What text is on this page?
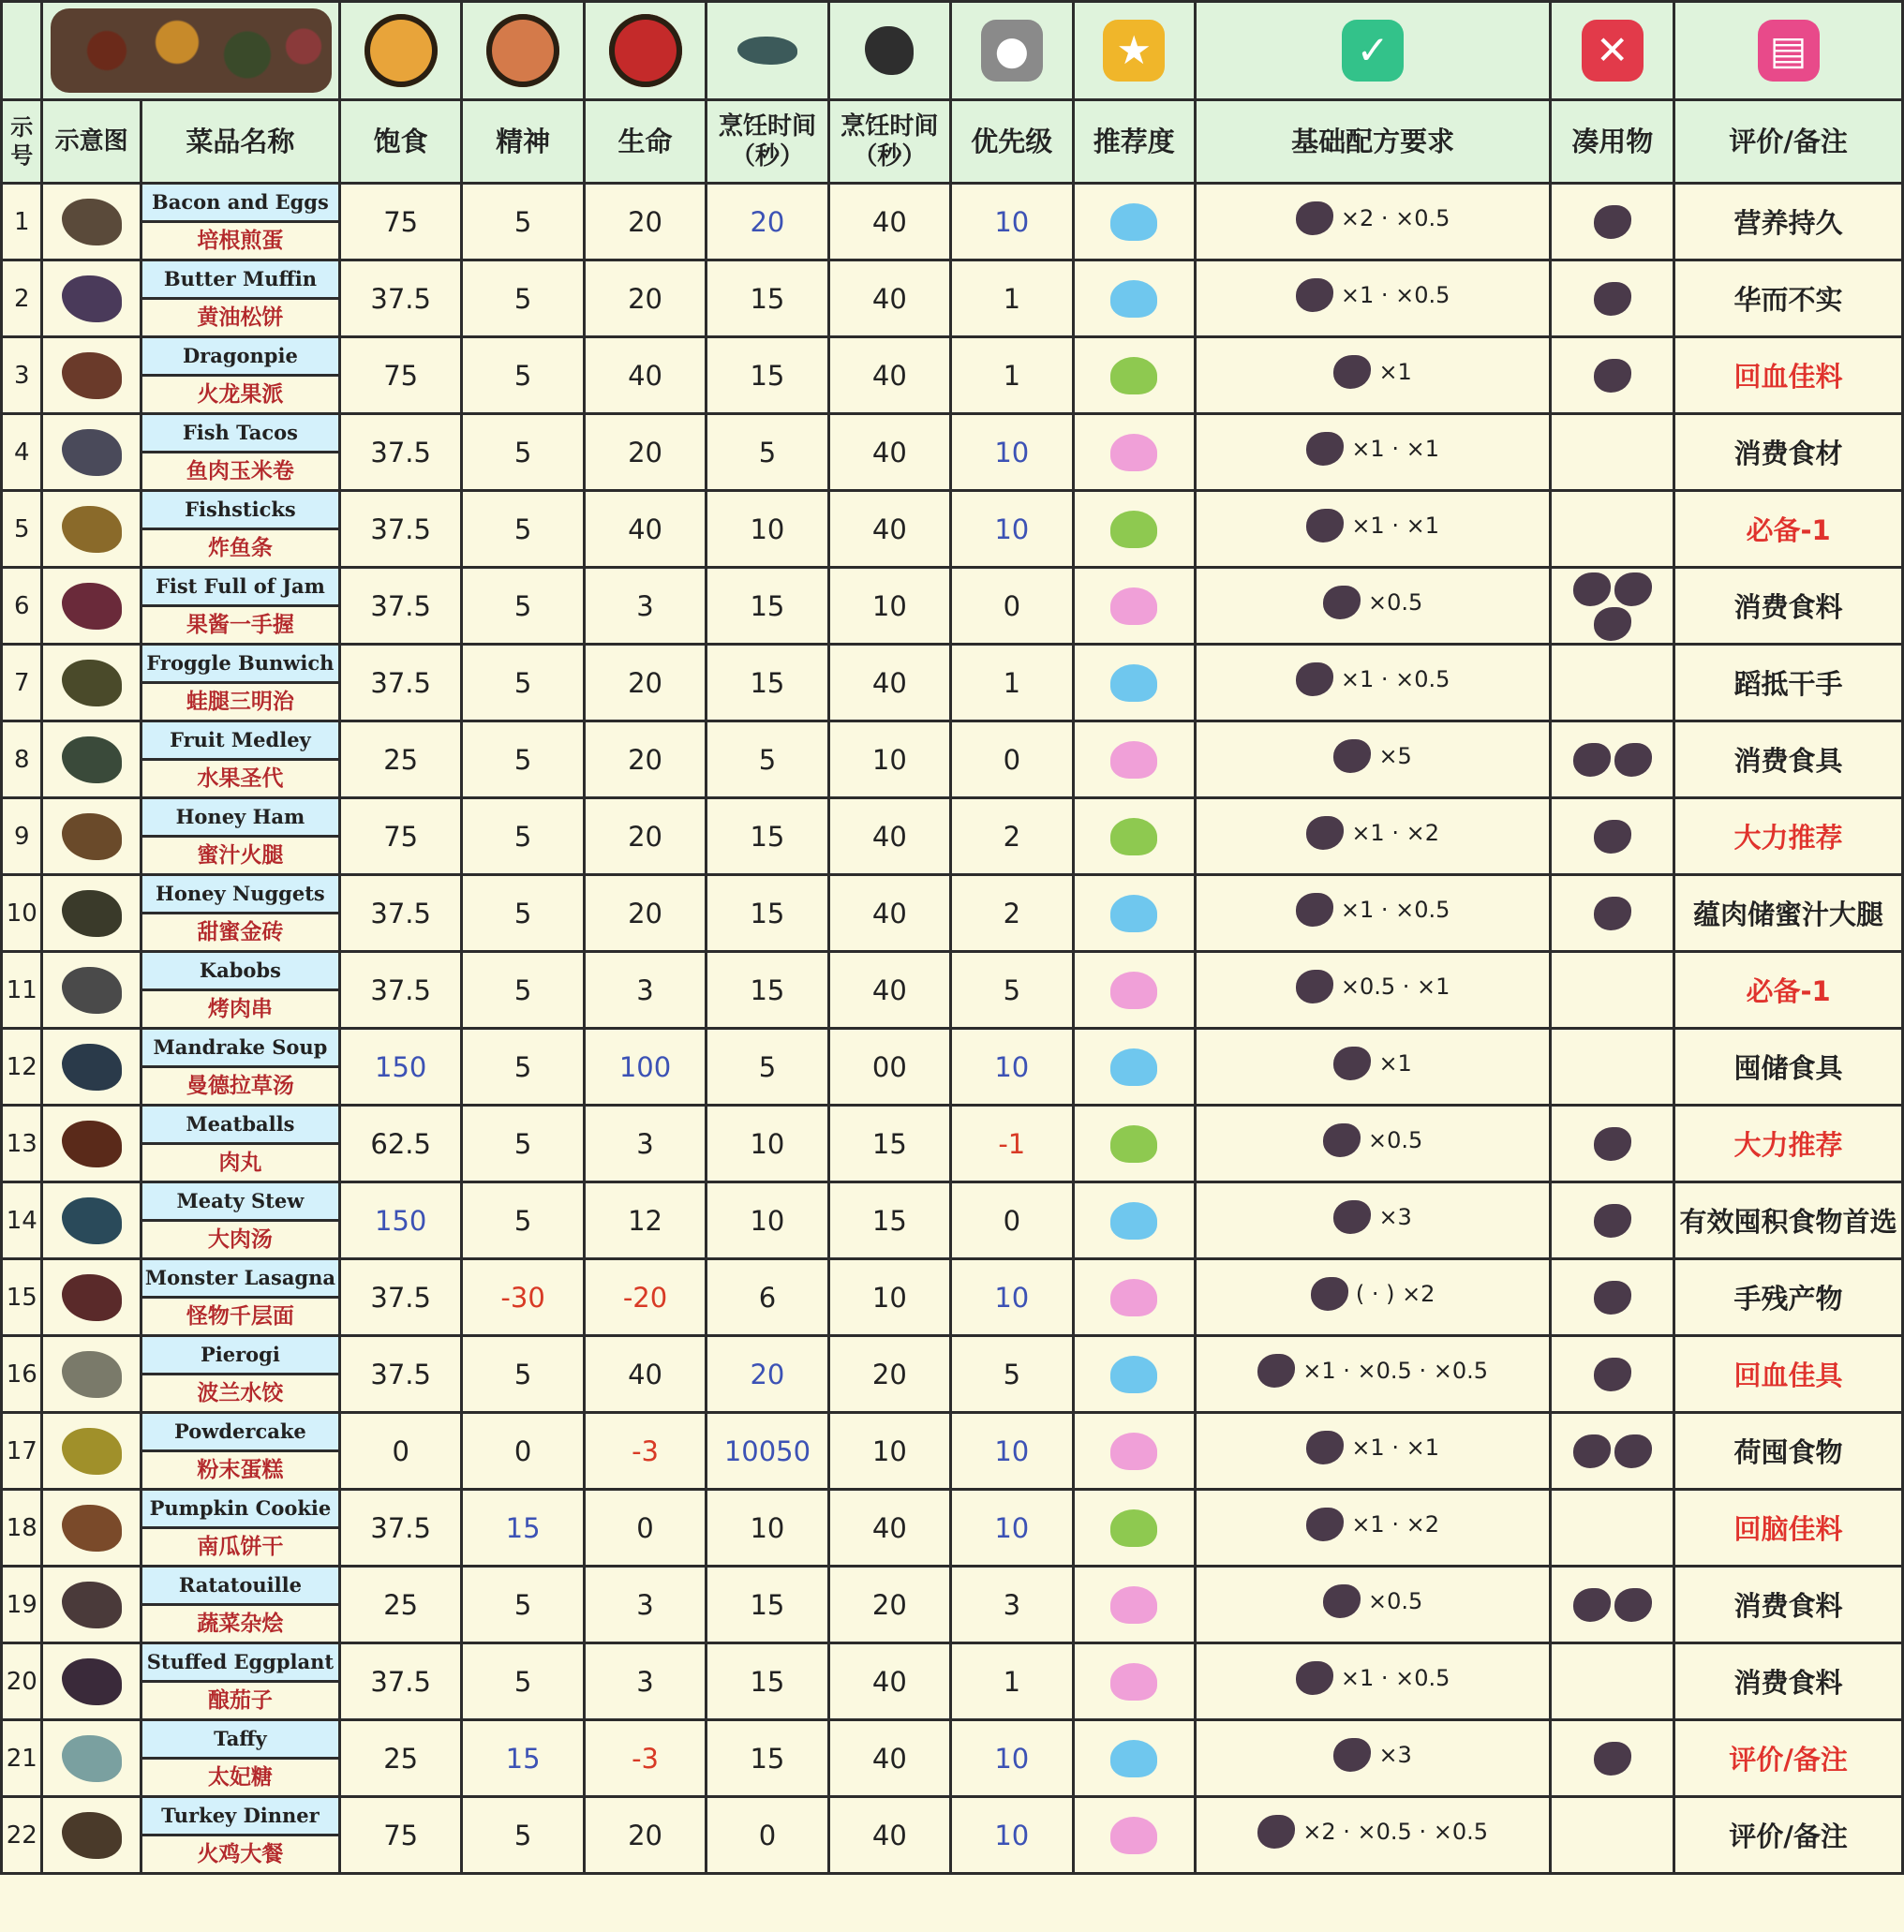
								●	★	✓	✕	▤

示
号	示意图	菜品名称	饱食	精神	生命	烹饪时间（秒）	烹饪时间（秒）	优先级	推荐度	基础配方要求	凑用物	评价/备注
1		Bacon and Eggs
培根煎蛋	75	5	20	20	40	10		×2 · ×0.5		营养持久
2		Butter Muffin
黄油松饼	37.5	5	20	15	40	1		×1 · ×0.5		华而不实
3		Dragonpie
火龙果派	75	5	40	15	40	1		×1		回血佳料
4		Fish Tacos
鱼肉玉米卷	37.5	5	20	5	40	10		×1 · ×1		消费食材
5		Fishsticks
炸鱼条	37.5	5	40	10	40	10		×1 · ×1		必备-1
6		Fist Full of Jam
果酱一手握	37.5	5	3	15	10	0		×0.5		消费食料
7		Froggle Bunwich
蛙腿三明治	37.5	5	20	15	40	1		×1 · ×0.5		蹈抵干手
8		Fruit Medley
水果圣代	25	5	20	5	10	0		×5		消费食具
9		Honey Ham
蜜汁火腿	75	5	20	15	40	2		×1 · ×2		大力推荐
10		Honey Nuggets
甜蜜金砖	37.5	5	20	15	40	2		×1 · ×0.5		蕴肉储蜜汁大腿
11		Kabobs
烤肉串	37.5	5	3	15	40	5		×0.5 · ×1		必备-1
12		Mandrake Soup
曼德拉草汤	150	5	100	5	00	10		×1		囤储食具
13		Meatballs
肉丸	62.5	5	3	10	15	-1		×0.5		大力推荐
14		Meaty Stew
大肉汤	150	5	12	10	15	0		×3		有效囤积食物首选
15		Monster Lasagna
怪物千层面	37.5	-30	-20	6	10	10		( · ) ×2		手残产物
16		Pierogi
波兰水饺	37.5	5	40	20	20	5		×1 · ×0.5 · ×0.5		回血佳具
17		Powdercake
粉末蛋糕	0	0	-3	10050	10	10		×1 · ×1		荷囤食物
18		Pumpkin Cookie
南瓜饼干	37.5	15	0	10	40	10		×1 · ×2		回脑佳料
19		Ratatouille
蔬菜杂烩	25	5	3	15	20	3		×0.5		消费食料
20		Stuffed Eggplant
酿茄子	37.5	5	3	15	40	1		×1 · ×0.5		消费食料
21		Taffy
太妃糖	25	15	-3	15	40	10		×3		评价/备注
22		Turkey Dinner
火鸡大餐	75	5	20	0	40	10		×2 · ×0.5 · ×0.5		评价/备注
